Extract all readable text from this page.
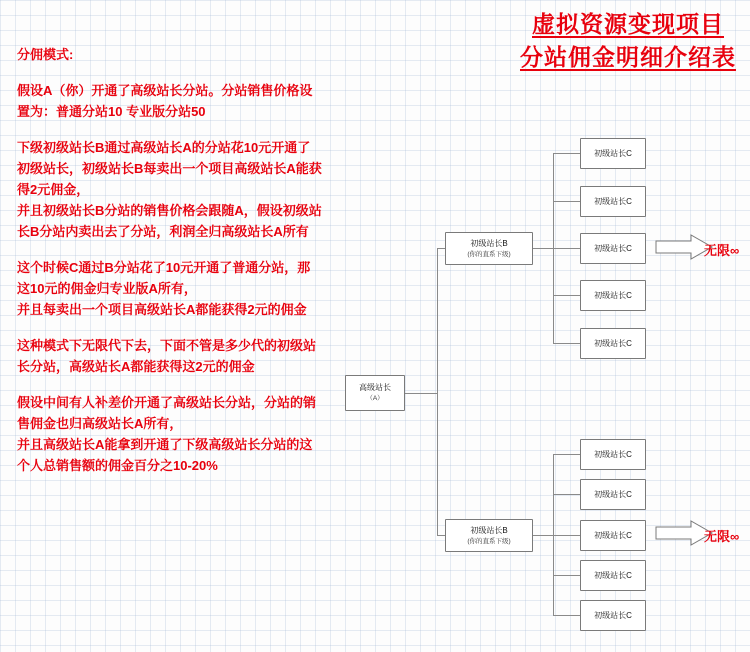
虚拟资源变现项目
分站佣金明细介绍表
分佣模式:
假设A（你）开通了高级站长分站。分站销售价格设
置为：普通分站10 专业版分站50
下级初级站长B通过高级站长A的分站花10元开通了
初级站长，初级站长B每卖出一个项目高级站长A能获
得2元佣金，
并且初级站长B分站的销售价格会跟随A，假设初级站
长B分站内卖出去了分站，利润全归高级站长A所有
这个时候C通过B分站花了10元开通了普通分站，那
这10元的佣金归专业版A所有，
并且每卖出一个项目高级站长A都能获得2元的佣金
这种模式下无限代下去，下面不管是多少代的初级站
长分站，高级站长A都能获得这2元的佣金
假设中间有人补差价开通了高级站长分站，分站的销
售佣金也归高级站长A所有，
并且高级站长A能拿到开通了下级高级站长分站的这
个人总销售额的佣金百分之10-20%
高级站长
（A）
初级站长B
(你的直系下级)
初级站长C
初级站长C
初级站长C
初级站长C
初级站长C
初级站长B
(你的直系下级)
初级站长C
初级站长C
初级站长C
初级站长C
初级站长C
无限∞
无限∞
